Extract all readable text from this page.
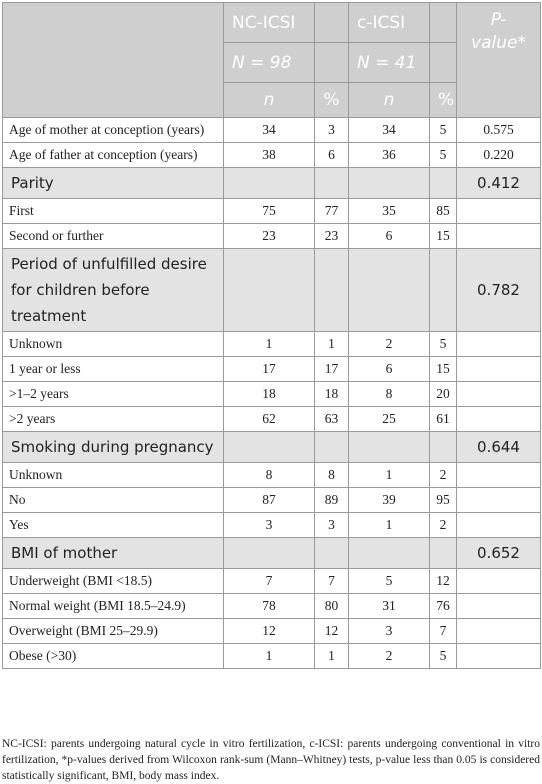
	NC-ICSI		c-ICSI		P-value*
	N = 98		N = 41		
	n	%	n	%	
Age of mother at conception (years)	34	3	34	5	0.575
Age of father at conception (years)	38	6	36	5	0.220
Parity					0.412
First	75	77	35	85	
Second or further	23	23	6	15	
Period of unfulfilled desire for children before treatment					0.782
Unknown	1	1	2	5	
1 year or less	17	17	6	15	
>1–2 years	18	18	8	20	
>2 years	62	63	25	61	
Smoking during pregnancy					0.644
Unknown	8	8	1	2	
No	87	89	39	95	
Yes	3	3	1	2	
BMI of mother					0.652
Underweight (BMI <18.5)	7	7	5	12	
Normal weight (BMI 18.5–24.9)	78	80	31	76	
Overweight (BMI 25–29.9)	12	12	3	7	
Obese (>30)	1	1	2	5	
NC-ICSI: parents undergoing natural cycle in vitro fertilization, c-ICSI: parents undergoing conventional in vitro fertilization, *p-values derived from Wilcoxon rank-sum (Mann–Whitney) tests, p-value less than 0.05 is considered statistically significant, BMI, body mass index.
